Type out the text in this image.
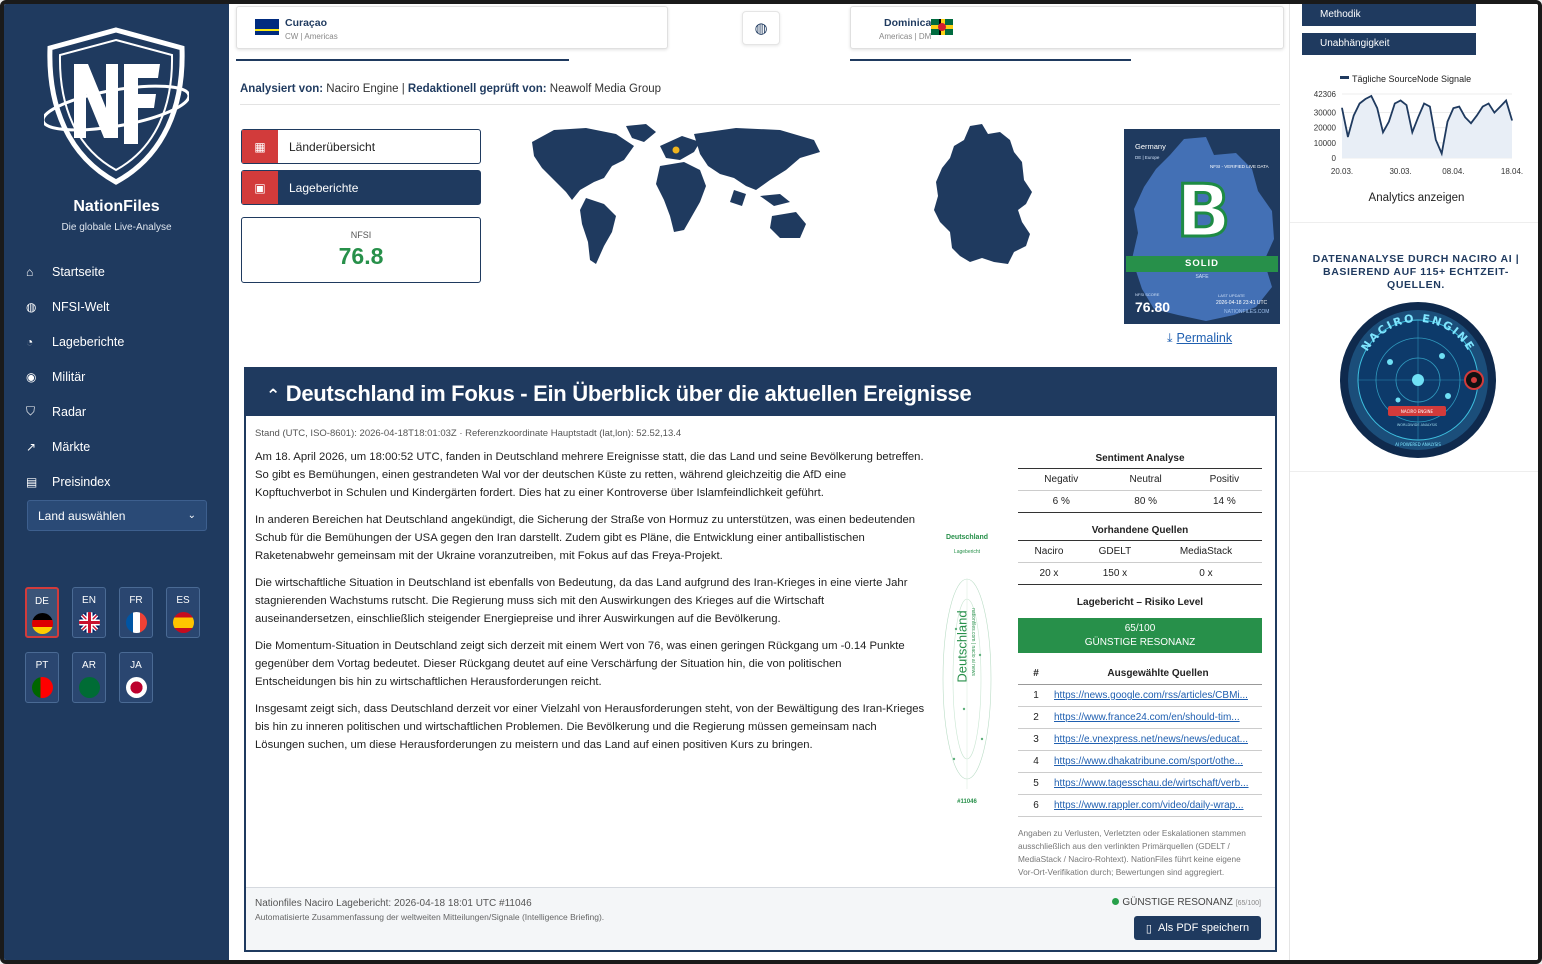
NationFiles
Die globale Live-Analyse
⌂	Startseite
◍	NFSI-Welt
◔	Lageberichte
◉	Militär
⛉	Radar
↗	Märkte
▤	Preisindex
Land auswählen	⌄
DE	EN	FR	ES
PT	AR	JA
Curaçao
CW | Americas	◍	Dominica
Americas | DM
Analysiert von: Naciro Engine | Redaktionell geprüft von: Neawolf Media Group
▦	Länderübersicht
▣	Lageberichte
NFSI
76.8
Germany
DE | Europe
NFSI - VERIFIED LIVE DATA
B
SOLID
SAFE
NFSI SCORE
76.80
LAST UPDATE
2026-04-18 23:41 UTC
NATIONFILES.COM
⤓ Permalink
⌃ Deutschland im Fokus - Ein Überblick über die aktuellen Ereignisse
Stand (UTC, ISO-8601): 2026-04-18T18:01:03Z · Referenzkoordinate Hauptstadt (lat,lon): 52.52,13.4

Am 18. April 2026, um 18:00:52 UTC, fanden in Deutschland mehrere Ereignisse statt, die das Land und seine Bevölkerung betreffen. So gibt es Bemühungen, einen gestrandeten Wal vor der deutschen Küste zu retten, während gleichzeitig die AfD eine Kopftuchverbot in Schulen und Kindergärten fordert. Dies hat zu einer Kontroverse über Islamfeindlichkeit geführt.

In anderen Bereichen hat Deutschland angekündigt, die Sicherung der Straße von Hormuz zu unterstützen, was einen bedeutenden Schub für die Bemühungen der USA gegen den Iran darstellt. Zudem gibt es Pläne, die Entwicklung einer antiballistischen Raketenabwehr gemeinsam mit der Ukraine voranzutreiben, mit Fokus auf das Freya-Projekt.

Die wirtschaftliche Situation in Deutschland ist ebenfalls von Bedeutung, da das Land aufgrund des Iran-Krieges in eine vierte Jahr stagnierenden Wachstums rutscht. Die Regierung muss sich mit den Auswirkungen des Krieges auf die Wirtschaft auseinandersetzen, einschließlich steigender Energiepreise und ihrer Auswirkungen auf die Bevölkerung.

Die Momentum-Situation in Deutschland zeigt sich derzeit mit einem Wert von 76, was einen geringen Rückgang um -0.14 Punkte gegenüber dem Vortag bedeutet. Dieser Rückgang deutet auf eine Verschärfung der Situation hin, die von politischen Entscheidungen bis hin zu wirtschaftlichen Herausforderungen reicht.

Insgesamt zeigt sich, dass Deutschland derzeit vor einer Vielzahl von Herausforderungen steht, von der Bewältigung des Iran-Krieges bis hin zu inneren politischen und wirtschaftlichen Problemen. Die Bevölkerung und die Regierung müssen gemeinsam nach Lösungen suchen, um diese Herausforderungen zu meistern und das Land auf einen positiven Kurs zu bringen.

Deutschland
Lagebericht
Deutschland nationfiles.com | nacio ai news
#11046
Sentiment Analyse
Negativ	Neutral	Positiv
6 %	80 %	14 %
Vorhandene Quellen
Naciro	GDELT	MediaStack
20 x	150 x	0 x
Lagebericht – Risiko Level
65/100
GÜNSTIGE RESONANZ
#	Ausgewählte Quellen
1	https://news.google.com/rss/articles/CBMi...

2	https://www.france24.com/en/should-tim...

3	https://e.vnexpress.net/news/news/educat...

4	https://www.dhakatribune.com/sport/othe...

5	https://www.tagesschau.de/wirtschaft/verb...

6	https://www.rappler.com/video/daily-wrap...
Angaben zu Verlusten, Verletzten oder Eskalationen stammen ausschließlich aus den verlinkten Primärquellen (GDELT / MediaStack / Naciro-Rohtext). NationFiles führt keine eigene Vor-Ort-Verifikation durch; Bewertungen sind aggregiert.
Nationfiles Naciro Lagebericht: 2026-04-18 18:01 UTC #11046
Automatisierte Zusammenfassung der weltweiten Mitteilungen/Signale (Intelligence Briefing).
GÜNSTIGE RESONANZ [65/100]
▯ Als PDF speichern
Methodik
Unabhängigkeit
Tägliche SourceNode Signale
42306
30000
20000
10000
0
20.03.	30.03.	08.04.	18.04.
Analytics anzeigen
DATENANALYSE DURCH NACIRO AI | BASIEREND AUF 115+ ECHTZEIT-QUELLEN.
NACIRO ENGINE
NACIRO ENGINE
WORLDWIDE ANALYSIS
AI POWERED ANALYSIS
